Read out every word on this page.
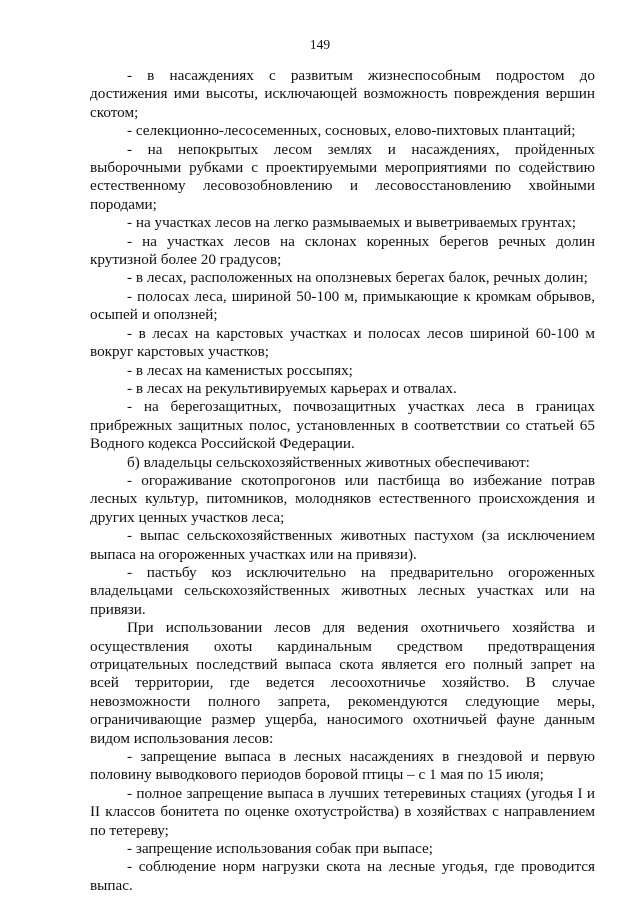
149

- в насаждениях с развитым жизнеспособным подростом до достижения ими высоты, исключающей возможность повреждения вершин скотом;

- селекционно-лесосеменных, сосновых, елово-пихтовых плантаций;

- на непокрытых лесом землях и насаждениях, пройденных выборочными рубками с проектируемыми мероприятиями по содействию естественному лесовозобновлению и лесовосстановлению хвойными породами;

- на участках лесов на легко размываемых и выветриваемых грунтах;

- на участках лесов на склонах коренных берегов речных долин крутизной более 20 градусов;

- в лесах, расположенных на оползневых берегах балок, речных долин;

- полосах леса, шириной 50-100 м, примыкающие к кромкам обрывов, осыпей и оползней;

- в лесах на карстовых участках и полосах лесов шириной 60-100 м вокруг карстовых участков;

- в лесах на каменистых россыпях;

- в лесах на рекультивируемых карьерах и отвалах.

- на берегозащитных, почвозащитных участках леса в границах прибрежных защитных полос, установленных в соответствии со статьей 65 Водного кодекса Российской Федерации.

б) владельцы сельскохозяйственных животных обеспечивают:

- огораживание скотопрогонов или пастбища во избежание потрав лесных культур, питомников, молодняков естественного происхождения и других ценных участков леса;

- выпас сельскохозяйственных животных пастухом (за исключением выпаса на огороженных участках или на привязи).

- пастьбу коз исключительно на предварительно огороженных владельцами сельскохозяйственных животных лесных участках или на привязи.

При использовании лесов для ведения охотничьего хозяйства и осуществления охоты кардинальным средством предотвращения отрицательных последствий выпаса скота является его полный запрет на всей территории, где ведется лесоохотничье хозяйство. В случае невозможности полного запрета, рекомендуются следующие меры, ограничивающие размер ущерба, наносимого охотничьей фауне данным видом использования лесов:

- запрещение выпаса в лесных насаждениях в гнездовой и первую половину выводкового периодов боровой птицы – с 1 мая по 15 июля;

- полное запрещение выпаса в лучших тетеревиных стациях (угодья I и II классов бонитета по оценке охотустройства) в хозяйствах с направлением по тетереву;

- запрещение использования собак при выпасе;

- соблюдение норм нагрузки скота на лесные угодья, где проводится выпас.
